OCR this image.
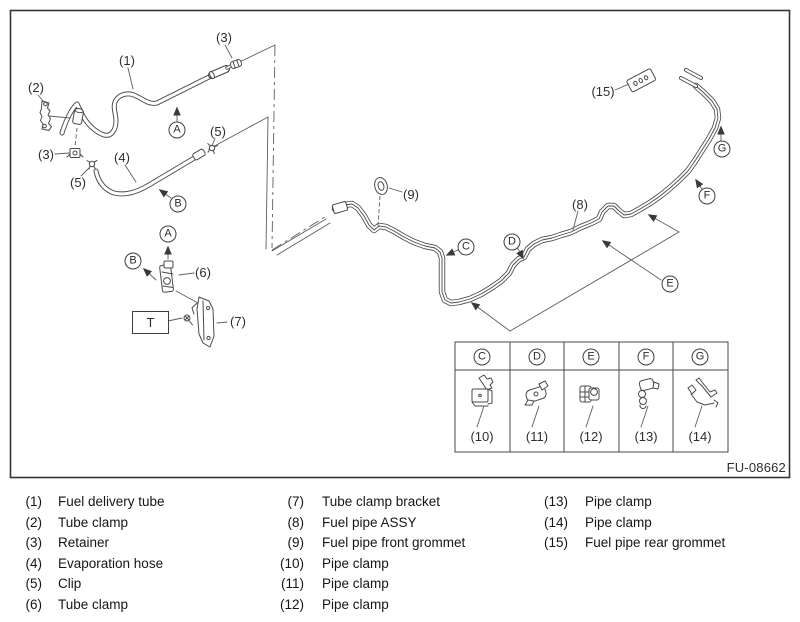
(1)
(2)
(3)
(3)	(4)
(5)
(5)
(6)
(7)
(8)
(9)
(15)
A
B
A
B
C	D
E
F
G
T
C	D	E	F	G
(10) (11) (12) (13) (14)
FU-08662
(1) Fuel delivery tube
(2) Tube clamp
(3) Retainer
(4) Evaporation hose
(5) Clip
(6) Tube clamp
(7) Tube clamp bracket
(8) Fuel pipe ASSY
(9) Fuel pipe front grommet
(10) Pipe clamp
(11) Pipe clamp
(12) Pipe clamp
(13) Pipe clamp
(14) Pipe clamp
(15) Fuel pipe rear grommet
